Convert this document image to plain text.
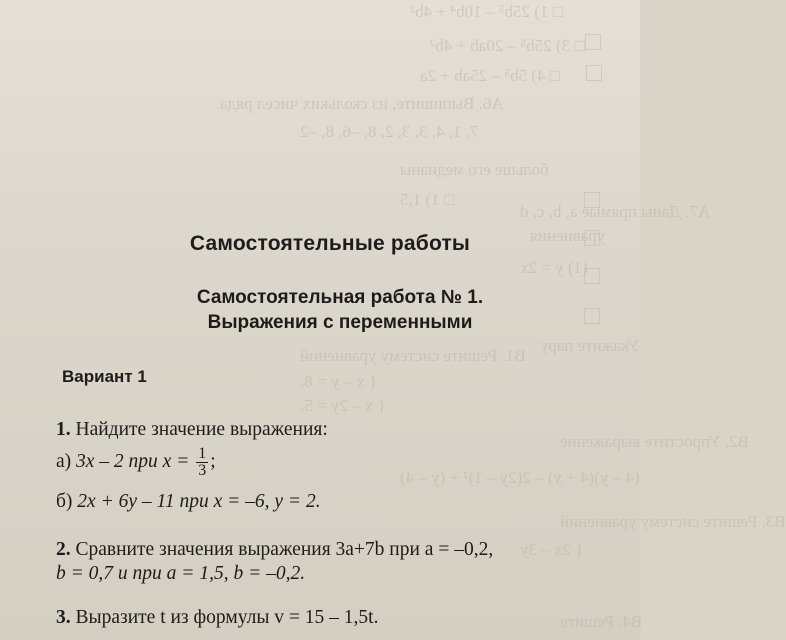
□ 1) 25b⁵ – 10b⁴ + 4b²
□ 3) 25b⁵ – 20ab + 4b²
□ 4) 5b⁵ – 25ab + 2a
А6. Выпишите, из скольких чисел ряда
7, 1, 4, 3, 3, 2, 8, –6, 8, –2
больше его медианы
□ 1) 1,5
А7. Даны прямые a, b, c, d
уравнения
(1) y = 2x
Укажите пару
В1. Решите систему уравнений
{ x – y = 8,
{ x – 2y = 5.
В2. Упростите выражение
(4 – y)(4 + y) – 2(2y – 1)² + (y – 4)
В3. Решите систему уравнений
{ 2x – 3y
В4. Решите
Самостоятельные работы
Самостоятельная работа № 1.
Выражения с переменными
Вариант 1
1. Найдите значение выражения:
а) 3x – 2 при $x = \frac{1}{3}$ ;
б) 2x + 6y – 11 при x = –6, y = 2.
2. Сравните значения выражения 3a+7b при a = –0,2,
b = 0,7 и при a = 1,5, b = –0,2.
3. Выразите t из формулы v = 15 – 1,5t.
